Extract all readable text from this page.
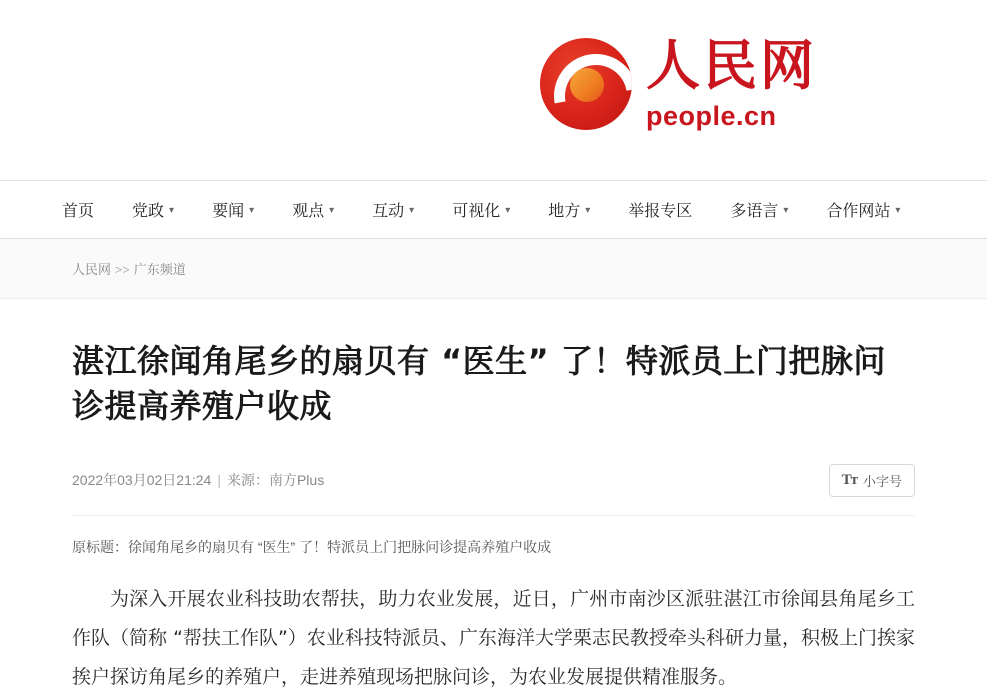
人民网
people.cn
首页 党政 ▾ 要闻 ▾ 观点 ▾ 互动 ▾ 可视化 ▾ 地方 ▾ 举报专区 多语言 ▾ 合作网站 ▾
人民网 >> 广东频道
湛江徐闻角尾乡的扇贝有 “医生” 了！特派员上门把脉问诊提高养殖户收成
2022年03月02日21:24 | 来源：南方Plus	Tт 小字号
原标题：徐闻角尾乡的扇贝有 “医生” 了！特派员上门把脉问诊提高养殖户收成

为深入开展农业科技助农帮扶，助力农业发展，近日，广州市南沙区派驻湛江市徐闻县角尾乡工作队（简称 “帮扶工作队”）农业科技特派员、广东海洋大学栗志民教授牵头科研力量，积极上门挨家挨户探访角尾乡的养殖户，走进养殖现场把脉问诊，为农业发展提供精准服务。
